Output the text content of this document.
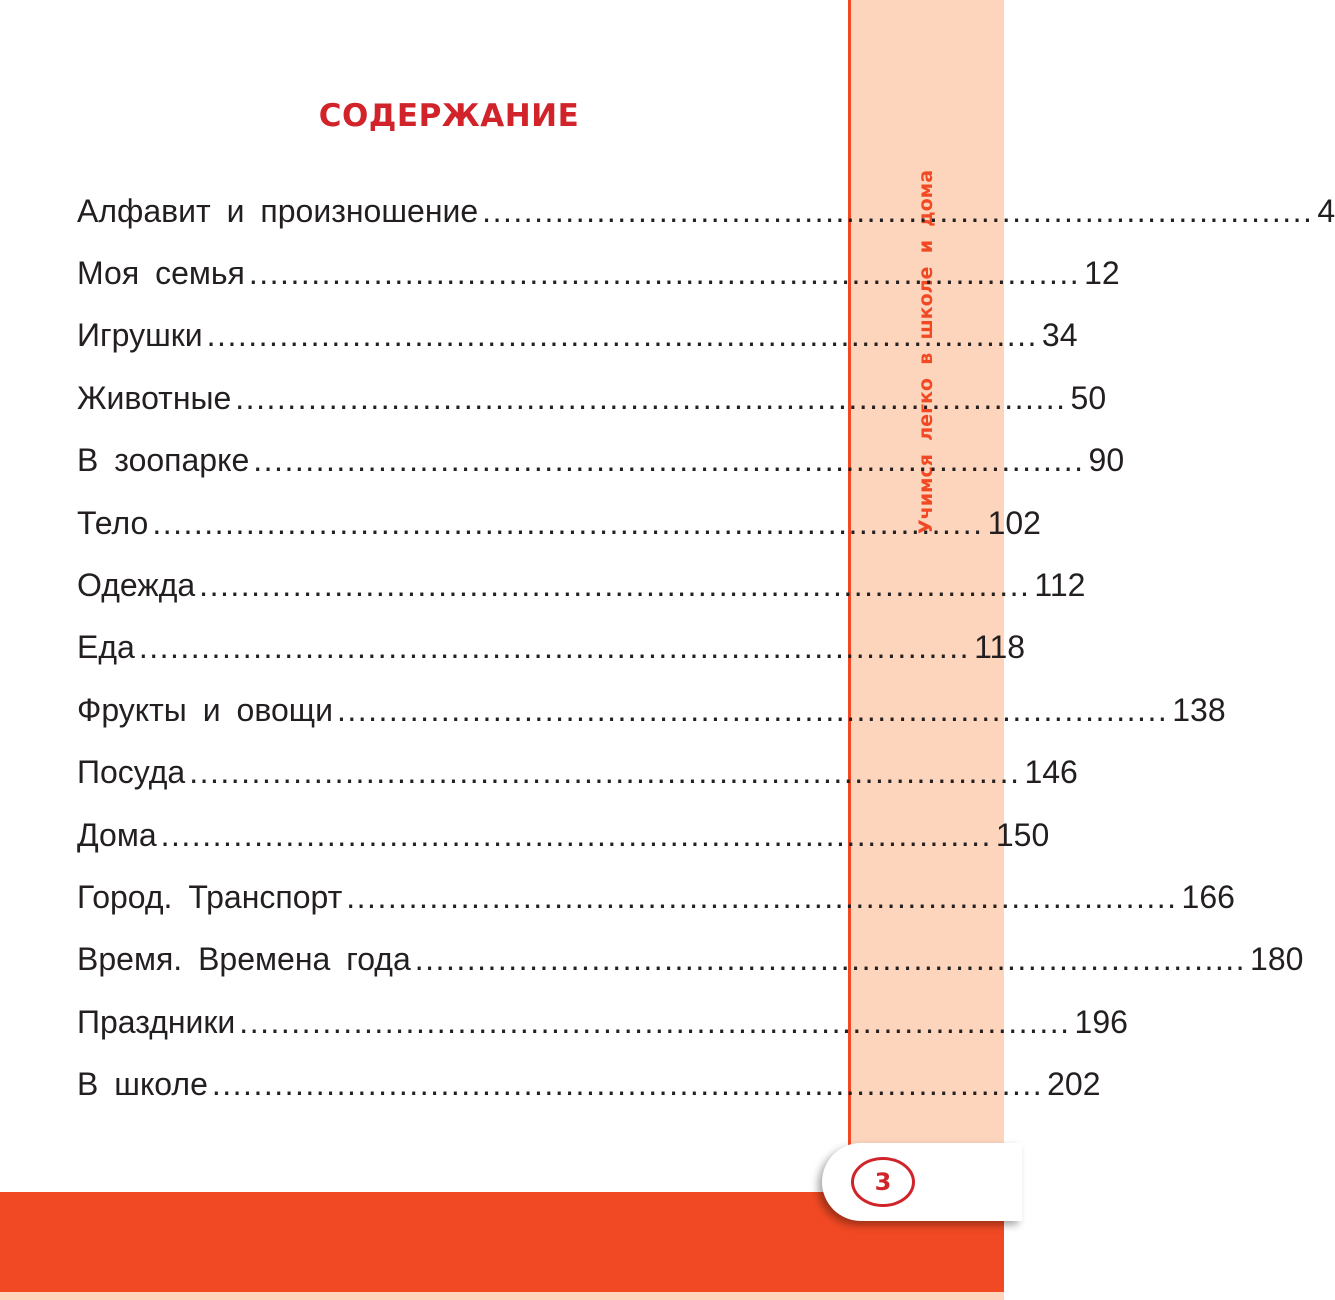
Учимся легко в школе и дома
СОДЕРЖАНИЕ
Алфавит и произношение ................................................................................ 4
Моя семья ................................................................................ 12
Игрушки ................................................................................ 34
Животные ................................................................................ 50
В зоопарке ................................................................................ 90
Тело ................................................................................ 102
Одежда ................................................................................ 112
Еда ................................................................................ 118
Фрукты и овощи ................................................................................ 138
Посуда ................................................................................ 146
Дома ................................................................................ 150
Город. Транспорт ................................................................................ 166
Время. Времена года ................................................................................ 180
Праздники ................................................................................ 196
В школе ................................................................................ 202
3
